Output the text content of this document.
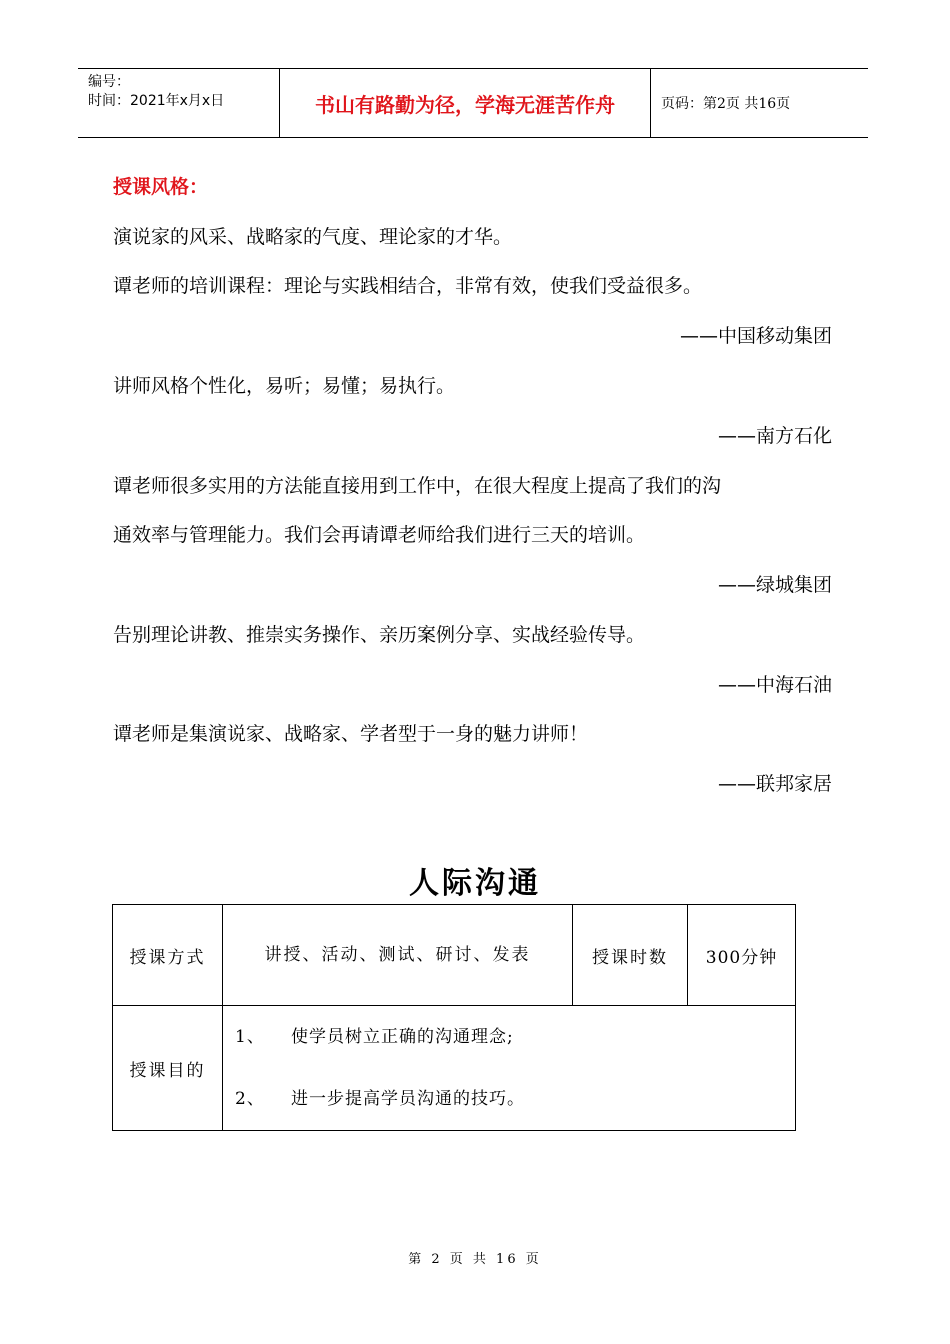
编号：
时间：2021年x月x日	书山有路勤为径，学海无涯苦作舟	页码：第2页 共16页
授课风格：
演说家的风采、战略家的气度、理论家的才华。
谭老师的培训课程：理论与实践相结合，非常有效，使我们受益很多。
——中国移动集团
讲师风格个性化，易听；易懂；易执行。
——南方石化
谭老师很多实用的方法能直接用到工作中，在很大程度上提高了我们的沟
通效率与管理能力。我们会再请谭老师给我们进行三天的培训。
——绿城集团
告别理论讲教、推崇实务操作、亲历案例分享、实战经验传导。
——中海石油
谭老师是集演说家、战略家、学者型于一身的魅力讲师！
——联邦家居
人际沟通
授课方式	讲授、活动、测试、研讨、发表	授课时数	300分钟
授课目的	1、 使学员树立正确的沟通理念;
2、 进一步提高学员沟通的技巧。		
第 2 页 共 16 页
